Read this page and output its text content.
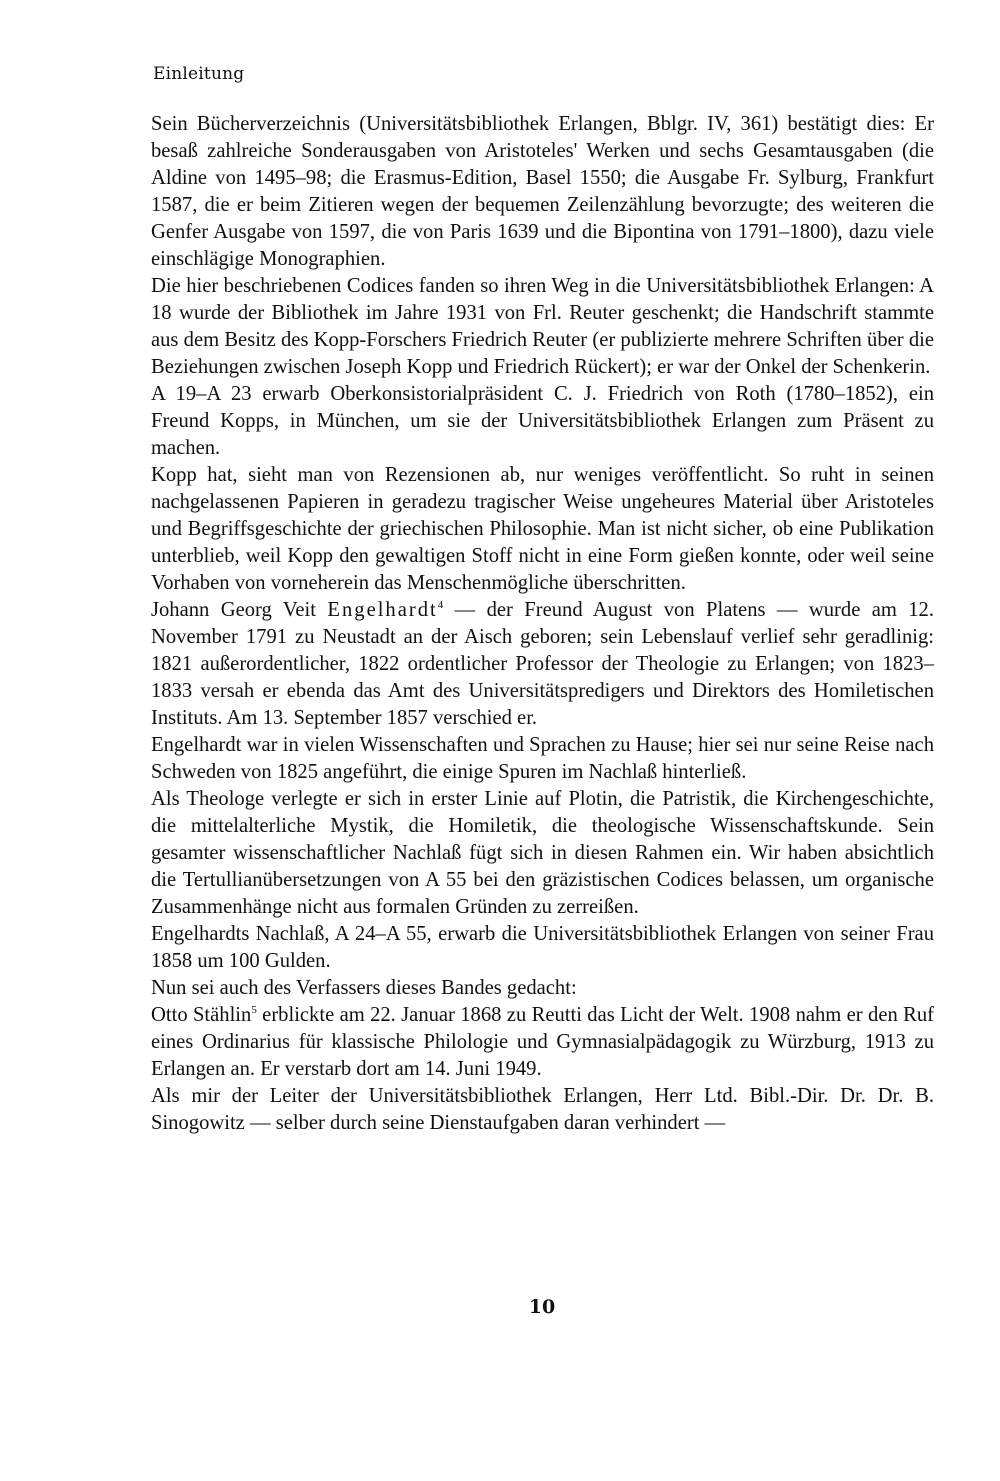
Einleitung

Sein Bücherverzeichnis (Universitätsbibliothek Erlangen, Bblgr. IV, 361) bestätigt dies: Er besaß zahlreiche Sonderausgaben von Aristoteles' Werken und sechs Gesamtausgaben (die Aldine von 1495–98; die Erasmus-Edition, Basel 1550; die Ausgabe Fr. Sylburg, Frankfurt 1587, die er beim Zitieren wegen der bequemen Zeilenzählung bevorzugte; des weiteren die Genfer Ausgabe von 1597, die von Paris 1639 und die Bipontina von 1791–1800), dazu viele einschlägige Monographien.

Die hier beschriebenen Codices fanden so ihren Weg in die Universitätsbibliothek Erlangen: A 18 wurde der Bibliothek im Jahre 1931 von Frl. Reuter geschenkt; die Handschrift stammte aus dem Besitz des Kopp-Forschers Friedrich Reuter (er publizierte mehrere Schriften über die Beziehungen zwischen Joseph Kopp und Friedrich Rückert); er war der Onkel der Schenkerin.

A 19–A 23 erwarb Oberkonsistorialpräsident C. J. Friedrich von Roth (1780–1852), ein Freund Kopps, in München, um sie der Universitätsbibliothek Erlangen zum Präsent zu machen.

Kopp hat, sieht man von Rezensionen ab, nur weniges veröffentlicht. So ruht in seinen nachgelassenen Papieren in geradezu tragischer Weise ungeheures Material über Aristoteles und Begriffsgeschichte der griechischen Philosophie. Man ist nicht sicher, ob eine Publikation unterblieb, weil Kopp den gewaltigen Stoff nicht in eine Form gießen konnte, oder weil seine Vorhaben von vorneherein das Menschenmögliche überschritten.

Johann Georg Veit Engelhardt$^4$ — der Freund August von Platens — wurde am 12. November 1791 zu Neustadt an der Aisch geboren; sein Lebenslauf verlief sehr geradlinig: 1821 außerordentlicher, 1822 ordentlicher Professor der Theologie zu Erlangen; von 1823–1833 versah er ebenda das Amt des Universitätspredigers und Direktors des Homiletischen Instituts. Am 13. September 1857 verschied er.

Engelhardt war in vielen Wissenschaften und Sprachen zu Hause; hier sei nur seine Reise nach Schweden von 1825 angeführt, die einige Spuren im Nachlaß hinterließ.

Als Theologe verlegte er sich in erster Linie auf Plotin, die Patristik, die Kirchengeschichte, die mittelalterliche Mystik, die Homiletik, die theologische Wissenschaftskunde. Sein gesamter wissenschaftlicher Nachlaß fügt sich in diesen Rahmen ein. Wir haben absichtlich die Tertullianübersetzungen von A 55 bei den gräzistischen Codices belassen, um organische Zusammenhänge nicht aus formalen Gründen zu zerreißen.

Engelhardts Nachlaß, A 24–A 55, erwarb die Universitätsbibliothek Erlangen von seiner Frau 1858 um 100 Gulden.

Nun sei auch des Verfassers dieses Bandes gedacht:

Otto Stählin$^5$ erblickte am 22. Januar 1868 zu Reutti das Licht der Welt. 1908 nahm er den Ruf eines Ordinarius für klassische Philologie und Gymnasialpädagogik zu Würzburg, 1913 zu Erlangen an. Er verstarb dort am 14. Juni 1949.

Als mir der Leiter der Universitätsbibliothek Erlangen, Herr Ltd. Bibl.-Dir. Dr. Dr. B. Sinogowitz — selber durch seine Dienstaufgaben daran verhindert —

10
